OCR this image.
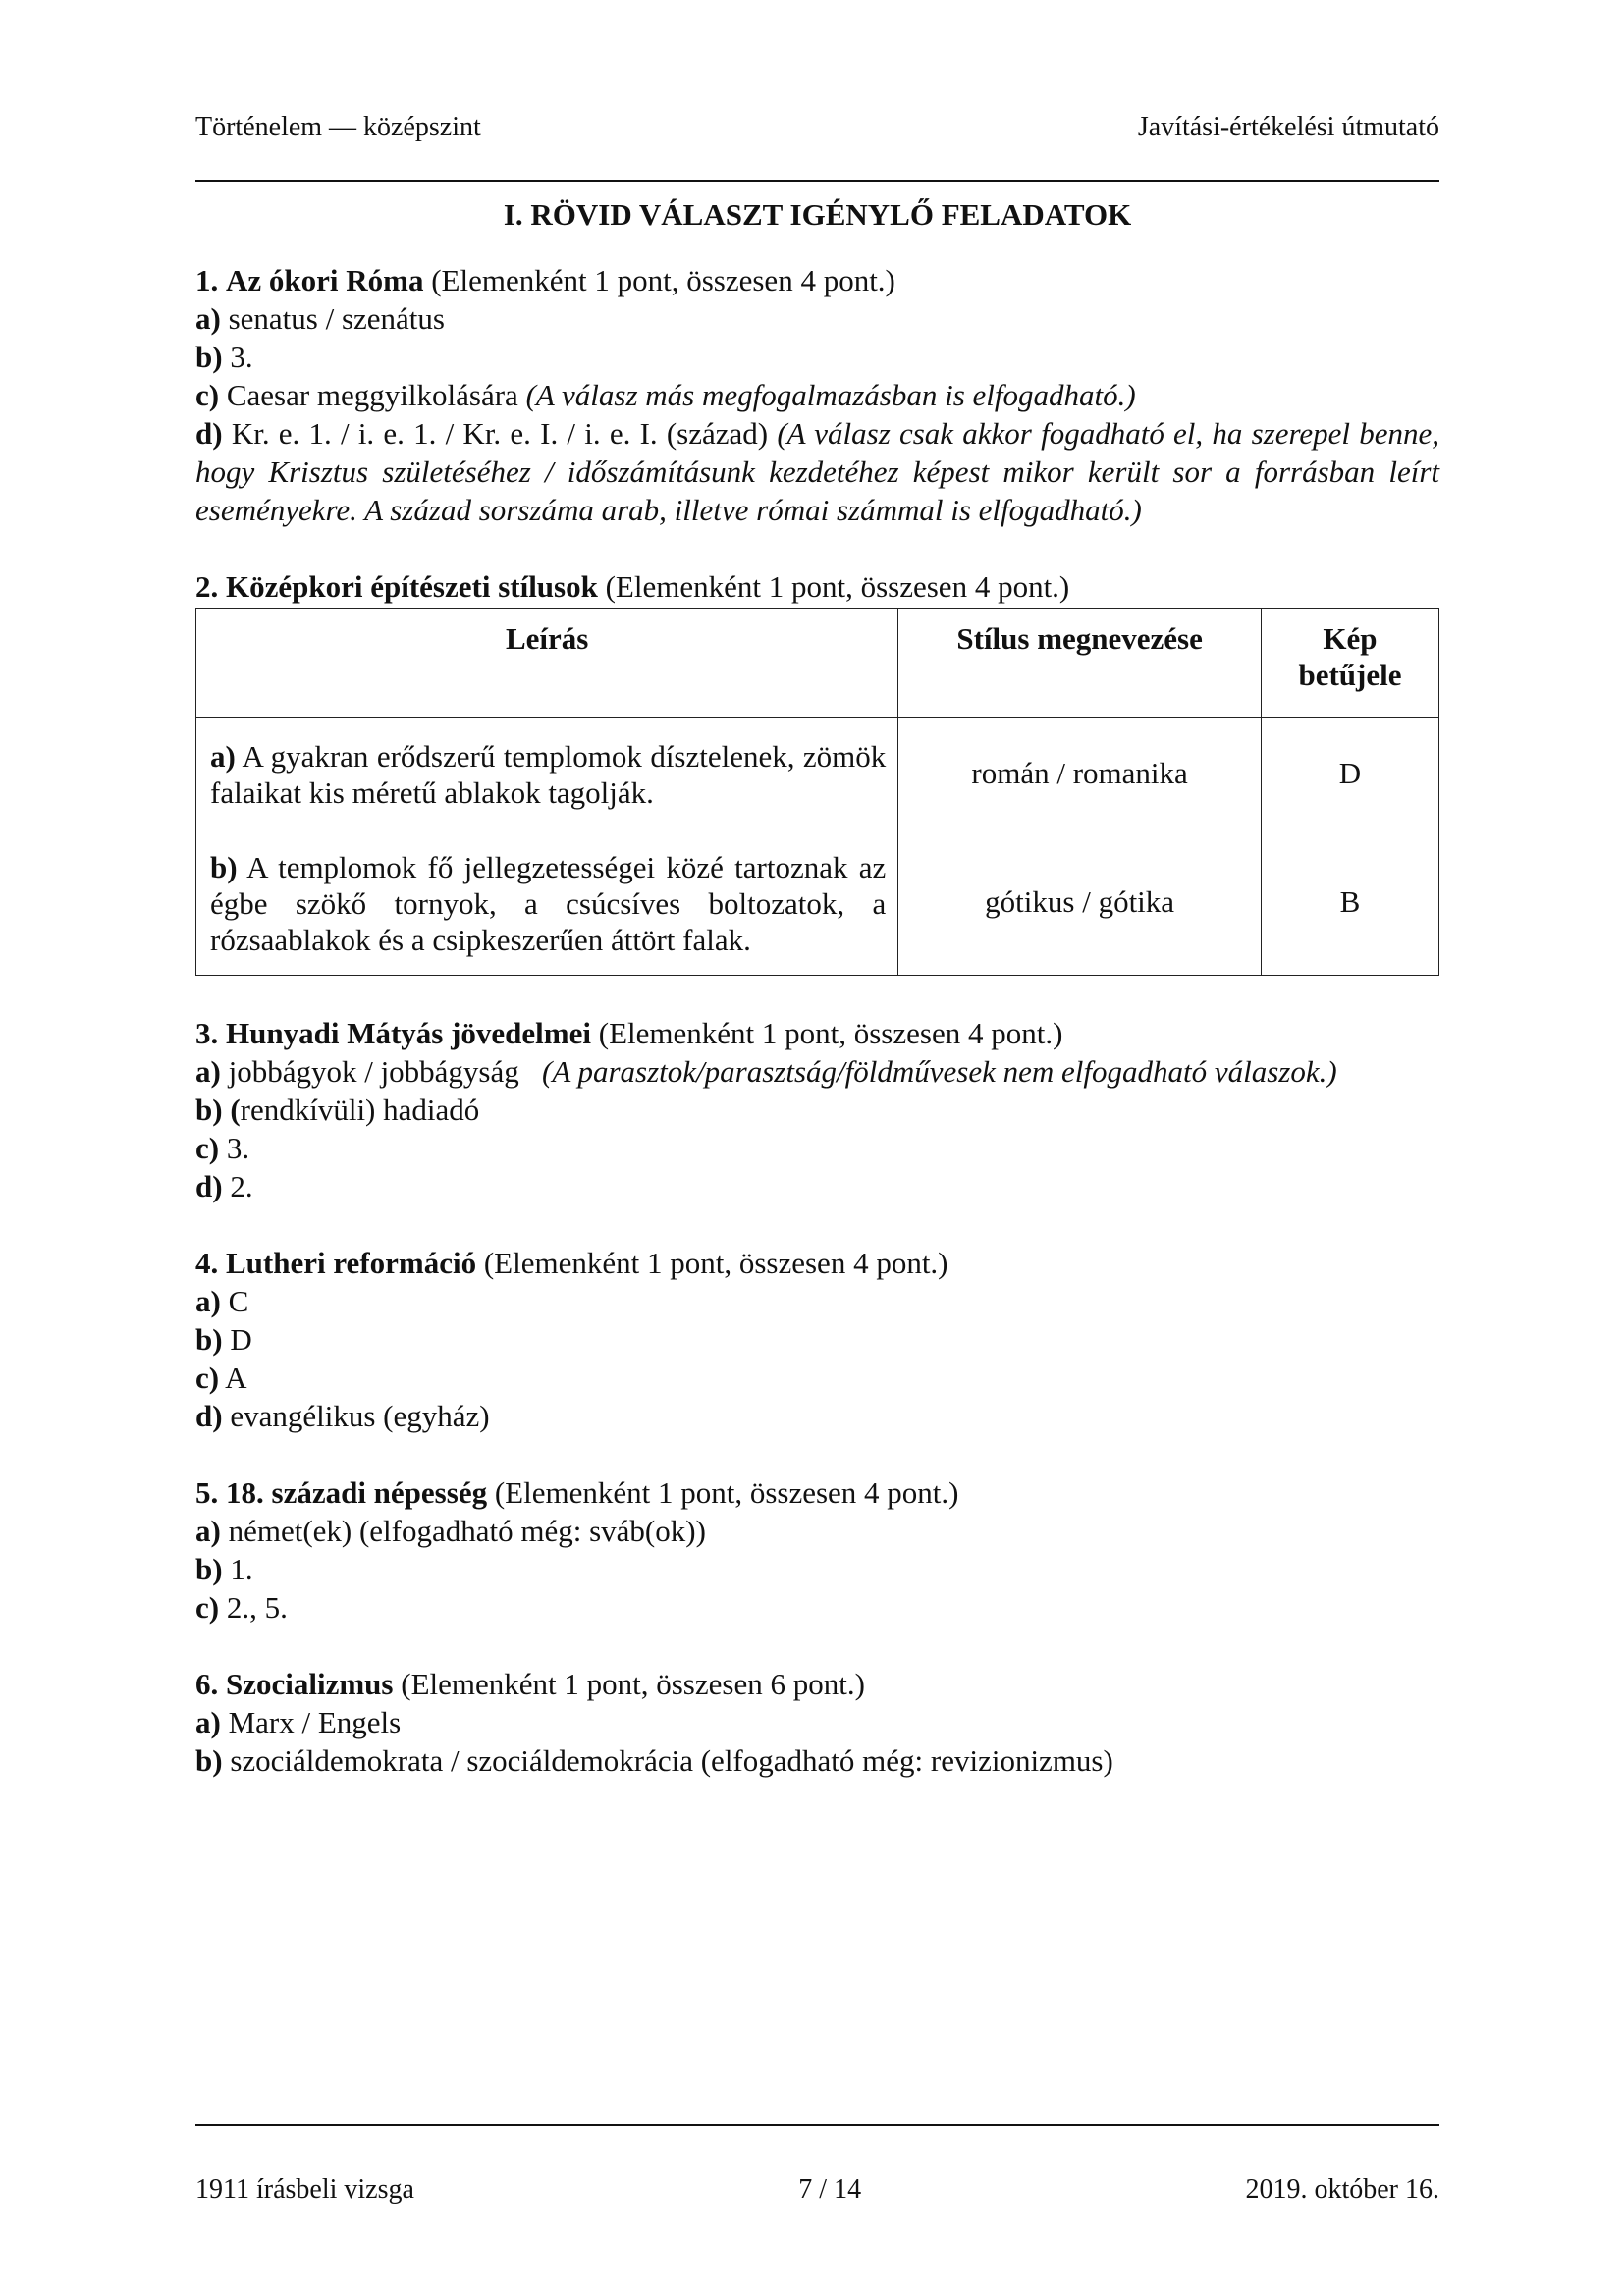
Történelem — középszint	Javítási-értékelési útmutató
I. RÖVID VÁLASZT IGÉNYLŐ FELADATOK
1. Az ókori Róma (Elemenként 1 pont, összesen 4 pont.)
a) senatus / szenátus
b) 3.
c) Caesar meggyilkolására (A válasz más megfogalmazásban is elfogadható.)
d) Kr. e. 1. / i. e. 1. / Kr. e. I. / i. e. I. (század) (A válasz csak akkor fogadható el, ha szerepel benne, hogy Krisztus születéséhez / időszámításunk kezdetéhez képest mikor került sor a forrásban leírt eseményekre. A század sorszáma arab, illetve római számmal is elfogadható.)
2. Középkori építészeti stílusok (Elemenként 1 pont, összesen 4 pont.)
Leírás	Stílus megnevezése	Kép
betűjele
a) A gyakran erődszerű templomok dísztelenek, zömök falaikat kis méretű ablakok tagolják.	román / romanika	D
b) A templomok fő jellegzetességei közé tartoznak az égbe szökő tornyok, a csúcsíves boltozatok, a rózsaablakok és a csipkeszerűen áttört falak.	gótikus / gótika	B
3. Hunyadi Mátyás jövedelmei (Elemenként 1 pont, összesen 4 pont.)
a) jobbágyok / jobbágyság (A parasztok/parasztság/földművesek nem elfogadható válaszok.)
b) (rendkívüli) hadiadó
c) 3.
d) 2.
4. Lutheri reformáció (Elemenként 1 pont, összesen 4 pont.)
a) C
b) D
c) A
d) evangélikus (egyház)
5. 18. századi népesség (Elemenként 1 pont, összesen 4 pont.)
a) német(ek) (elfogadható még: sváb(ok))
b) 1.
c) 2., 5.
6. Szocializmus (Elemenként 1 pont, összesen 6 pont.)
a) Marx / Engels
b) szociáldemokrata / szociáldemokrácia (elfogadható még: revizionizmus)
1911 írásbeli vizsga	7 / 14	2019. október 16.
